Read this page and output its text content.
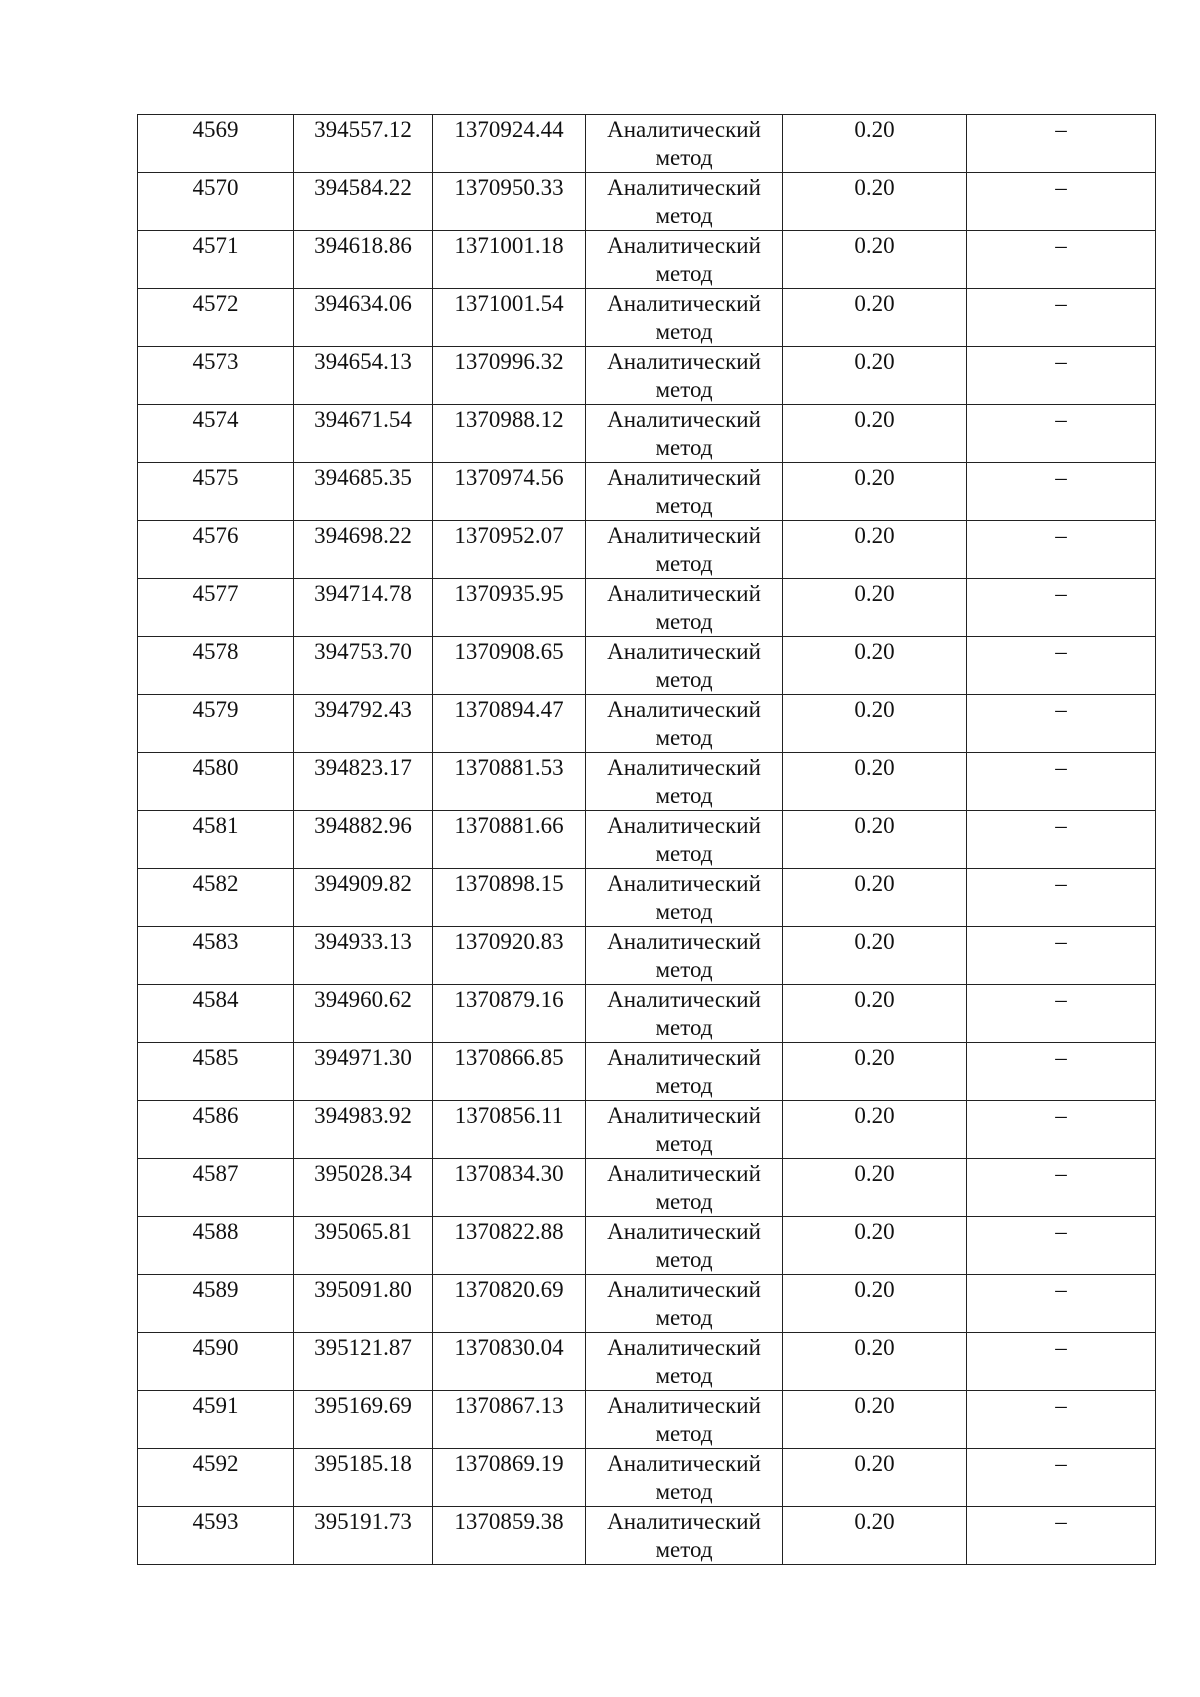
4569	394557.12	1370924.44	Аналитический метод	0.20	–
4570	394584.22	1370950.33	Аналитический метод	0.20	–
4571	394618.86	1371001.18	Аналитический метод	0.20	–
4572	394634.06	1371001.54	Аналитический метод	0.20	–
4573	394654.13	1370996.32	Аналитический метод	0.20	–
4574	394671.54	1370988.12	Аналитический метод	0.20	–
4575	394685.35	1370974.56	Аналитический метод	0.20	–
4576	394698.22	1370952.07	Аналитический метод	0.20	–
4577	394714.78	1370935.95	Аналитический метод	0.20	–
4578	394753.70	1370908.65	Аналитический метод	0.20	–
4579	394792.43	1370894.47	Аналитический метод	0.20	–
4580	394823.17	1370881.53	Аналитический метод	0.20	–
4581	394882.96	1370881.66	Аналитический метод	0.20	–
4582	394909.82	1370898.15	Аналитический метод	0.20	–
4583	394933.13	1370920.83	Аналитический метод	0.20	–
4584	394960.62	1370879.16	Аналитический метод	0.20	–
4585	394971.30	1370866.85	Аналитический метод	0.20	–
4586	394983.92	1370856.11	Аналитический метод	0.20	–
4587	395028.34	1370834.30	Аналитический метод	0.20	–
4588	395065.81	1370822.88	Аналитический метод	0.20	–
4589	395091.80	1370820.69	Аналитический метод	0.20	–
4590	395121.87	1370830.04	Аналитический метод	0.20	–
4591	395169.69	1370867.13	Аналитический метод	0.20	–
4592	395185.18	1370869.19	Аналитический метод	0.20	–
4593	395191.73	1370859.38	Аналитический метод	0.20	–
